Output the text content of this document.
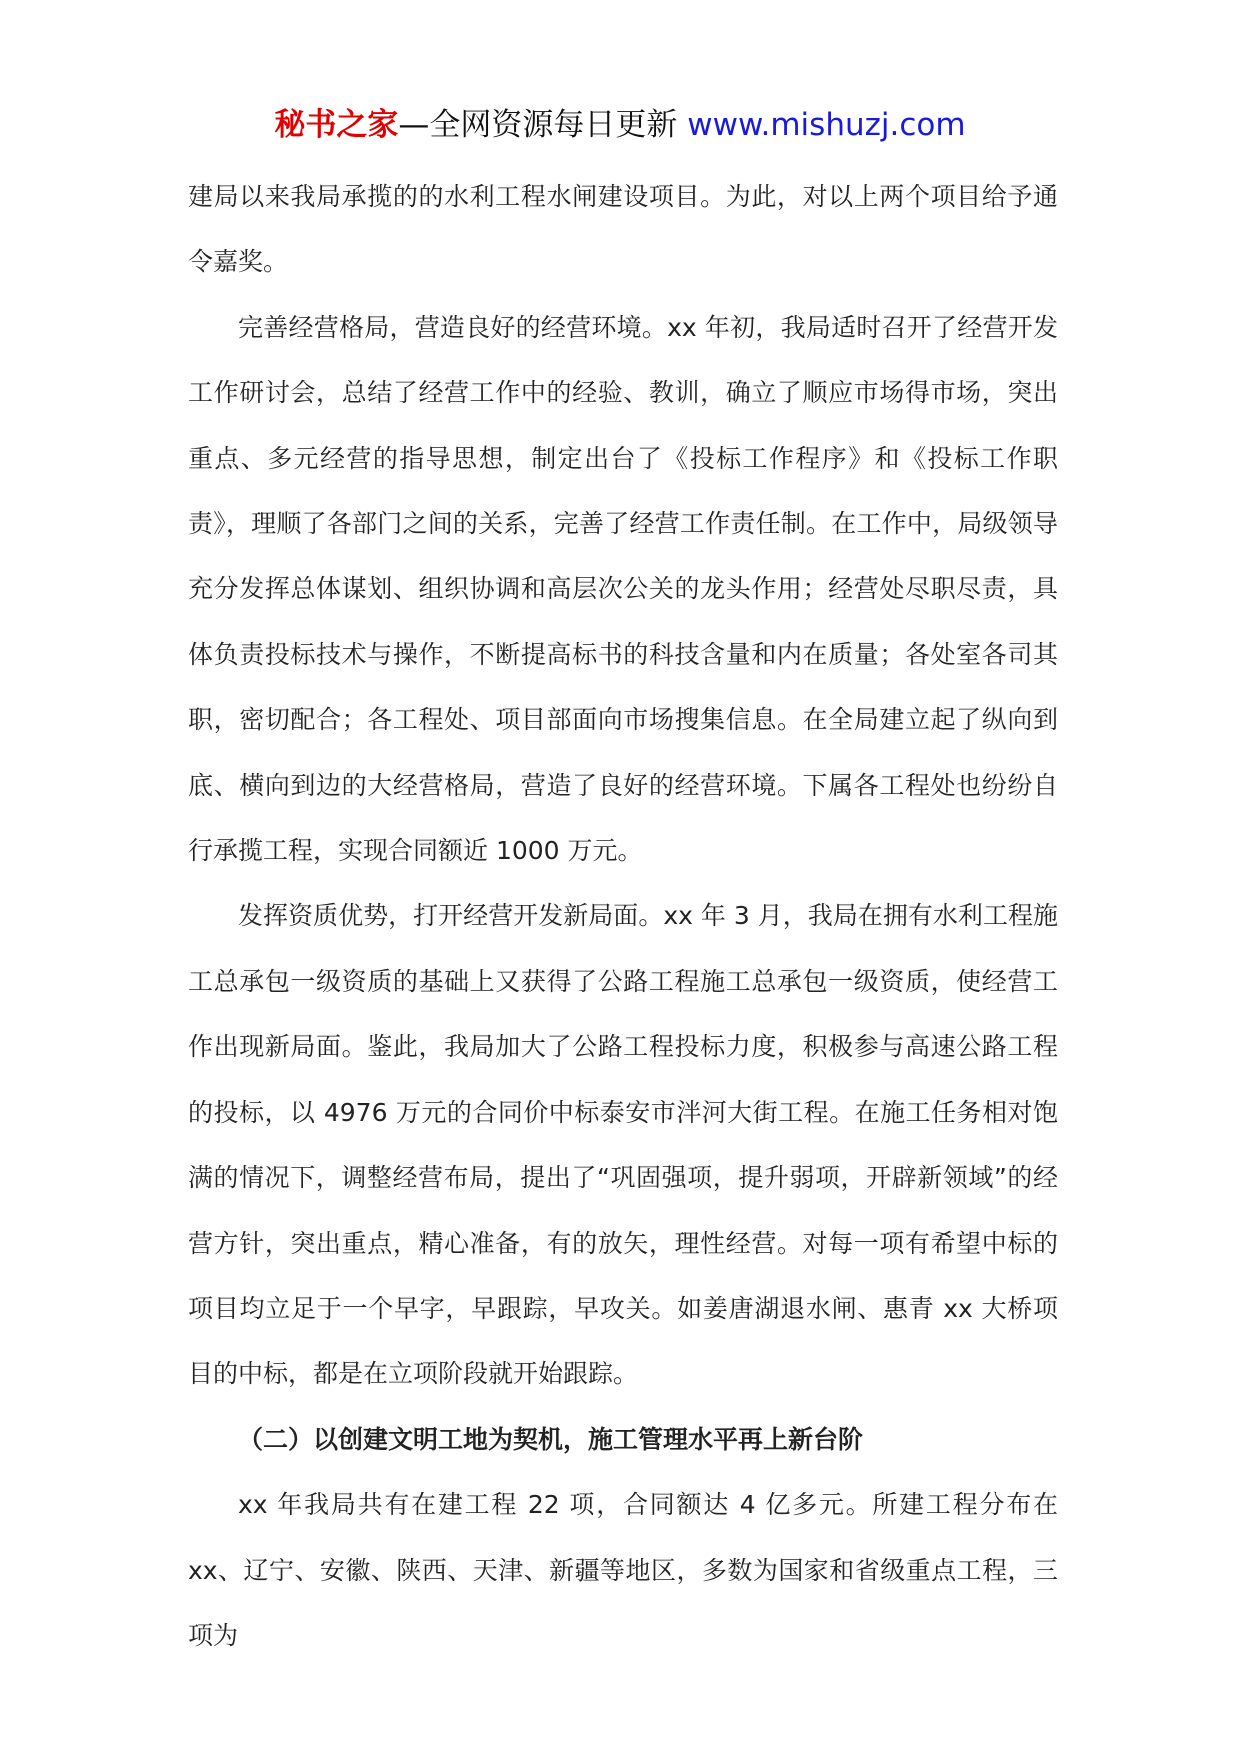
秘书之家—全网资源每日更新 www.mishuzj.com

建局以来我局承揽的的水利工程水闸建设项目。为此，对以上两个项目给予通令嘉奖。

完善经营格局，营造良好的经营环境。xx 年初，我局适时召开了经营开发工作研讨会，总结了经营工作中的经验、教训，确立了顺应市场得市场，突出重点、多元经营的指导思想，制定出台了《投标工作程序》和《投标工作职责》，理顺了各部门之间的关系，完善了经营工作责任制。在工作中，局级领导充分发挥总体谋划、组织协调和高层次公关的龙头作用；经营处尽职尽责，具体负责投标技术与操作，不断提高标书的科技含量和内在质量；各处室各司其职，密切配合；各工程处、项目部面向市场搜集信息。在全局建立起了纵向到底、横向到边的大经营格局，营造了良好的经营环境。下属各工程处也纷纷自行承揽工程，实现合同额近 1000 万元。

发挥资质优势，打开经营开发新局面。xx 年 3 月，我局在拥有水利工程施工总承包一级资质的基础上又获得了公路工程施工总承包一级资质，使经营工作出现新局面。鉴此，我局加大了公路工程投标力度，积极参与高速公路工程的投标，以 4976 万元的合同价中标泰安市泮河大街工程。在施工任务相对饱满的情况下，调整经营布局，提出了“巩固强项，提升弱项，开辟新领域”的经营方针，突出重点，精心准备，有的放矢，理性经营。对每一项有希望中标的项目均立足于一个早字，早跟踪，早攻关。如姜唐湖退水闸、惠青 xx 大桥项目的中标，都是在立项阶段就开始跟踪。

（二）以创建文明工地为契机，施工管理水平再上新台阶

xx 年我局共有在建工程 22 项，合同额达 4 亿多元。所建工程分布在 xx、辽宁、安徽、陕西、天津、新疆等地区，多数为国家和省级重点工程，三项为
